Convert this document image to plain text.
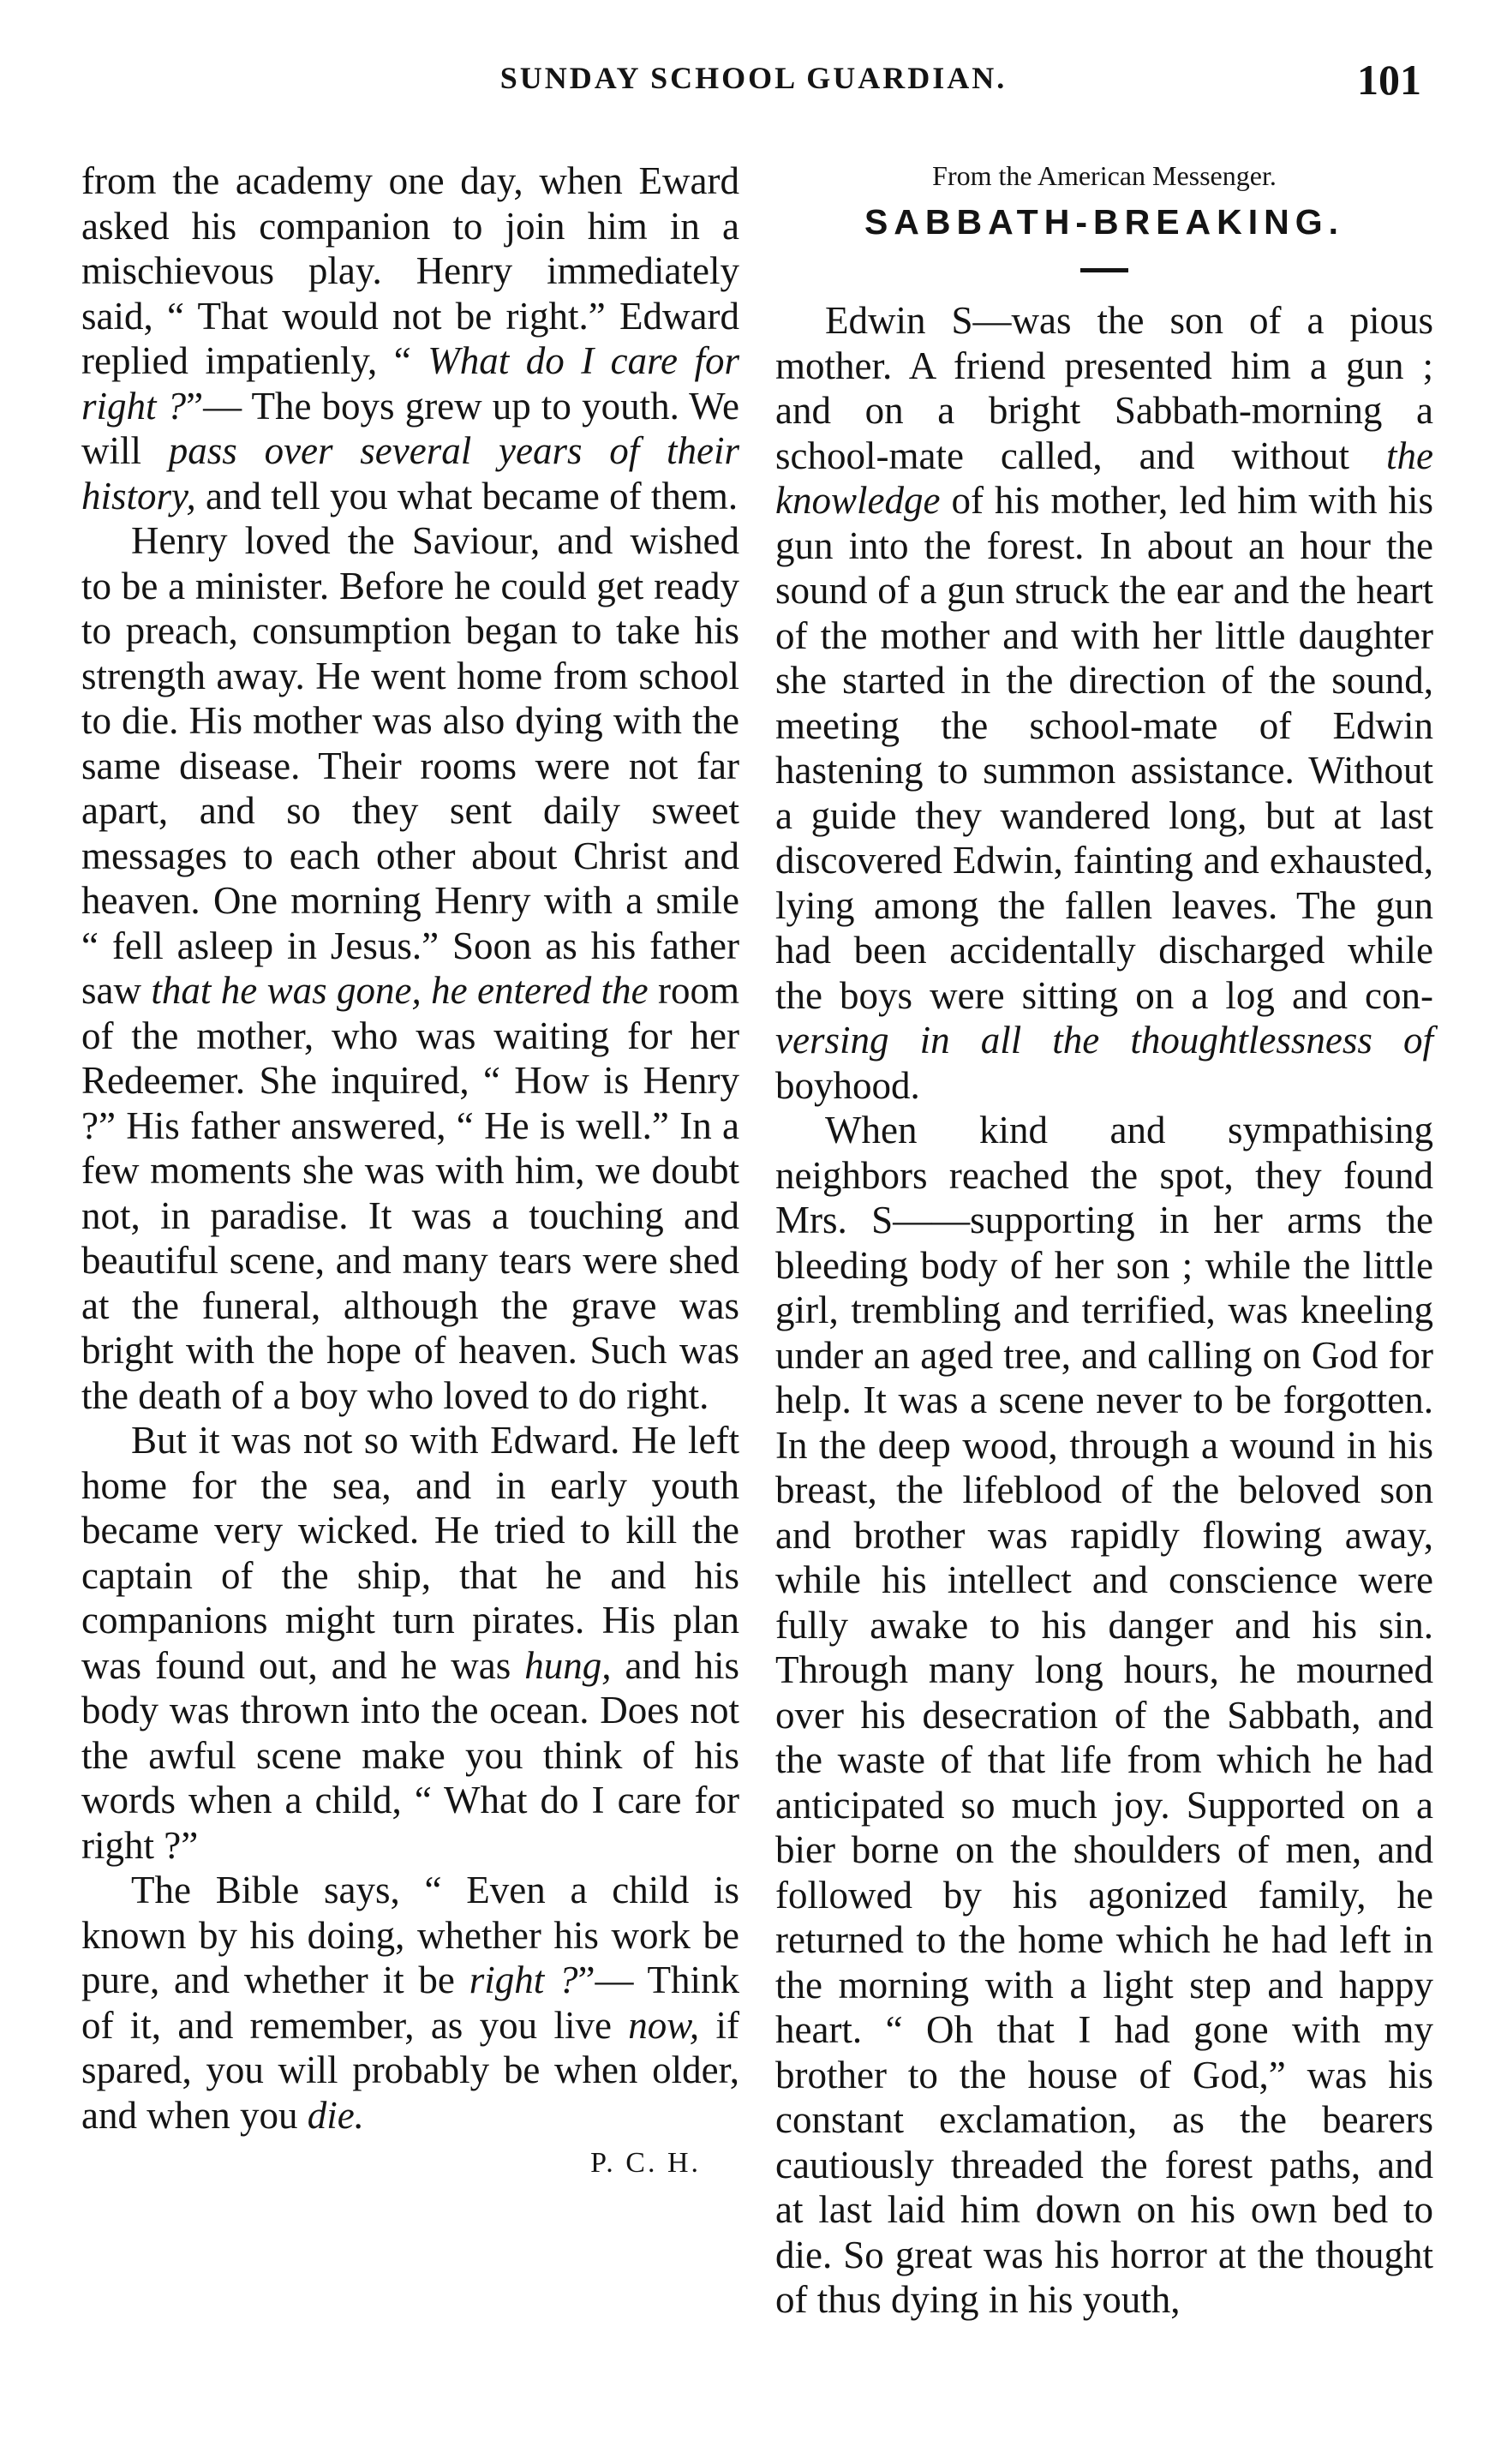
SUNDAY SCHOOL GUARDIAN.	101

from the academy one day, when Eward asked his companion to join him in a mischievous play. Henry immediately said, “ That would not be right.” Edward replied impatienly, “ What do I care for right ?”— The boys grew up to youth. We will pass over several years of their history, and tell you what became of them.

Henry loved the Saviour, and wished to be a minister. Before he could get ready to preach, consumption began to take his strength away. He went home from school to die. His mother was also dying with the same disease. Their rooms were not far apart, and so they sent daily sweet messages to each other about Christ and heaven. One morning Henry with a smile “ fell asleep in Jesus.” Soon as his father saw that he was gone, he entered the room of the mother, who was waiting for her Redeemer. She inquired, “ How is Henry ?” His father answered, “ He is well.” In a few moments she was with him, we doubt not, in paradise. It was a touching and beautiful scene, and many tears were shed at the funeral, although the grave was bright with the hope of heaven. Such was the death of a boy who loved to do right.

But it was not so with Edward. He left home for the sea, and in early youth became very wicked. He tried to kill the captain of the ship, that he and his companions might turn pirates. His plan was found out, and he was hung, and his body was thrown into the ocean. Does not the awful scene make you think of his words when a child, “ What do I care for right ?”

The Bible says, “ Even a child is known by his doing, whether his work be pure, and whether it be right ?”— Think of it, and remember, as you live now, if spared, you will probably be when older, and when you die.

P. C. H.

From the American Messenger.

SABBATH-BREAKING.

Edwin S—was the son of a pious mother. A friend presented him a gun ; and on a bright Sabbath-morning a school-mate called, and without the knowledge of his mother, led him with his gun into the forest. In about an hour the sound of a gun struck the ear and the heart of the mother and with her little daughter she started in the direction of the sound, meeting the school-mate of Edwin hastening to summon assistance. Without a guide they wandered long, but at last discovered Edwin, fainting and exhausted, lying among the fallen leaves. The gun had been accidentally discharged while the boys were sitting on a log and con-versing in all the thoughtlessness of boyhood.

When kind and sympathising neighbors reached the spot, they found Mrs. S——supporting in her arms the bleeding body of her son ; while the little girl, trembling and terrified, was kneeling under an aged tree, and calling on God for help. It was a scene never to be forgotten. In the deep wood, through a wound in his breast, the lifeblood of the beloved son and brother was rapidly flowing away, while his intellect and conscience were fully awake to his danger and his sin. Through many long hours, he mourned over his desecration of the Sabbath, and the waste of that life from which he had anticipated so much joy. Supported on a bier borne on the shoulders of men, and followed by his agonized family, he returned to the home which he had left in the morning with a light step and happy heart. “ Oh that I had gone with my brother to the house of God,” was his constant exclamation, as the bearers cautiously threaded the forest paths, and at last laid him down on his own bed to die. So great was his horror at the thought of thus dying in his youth,
